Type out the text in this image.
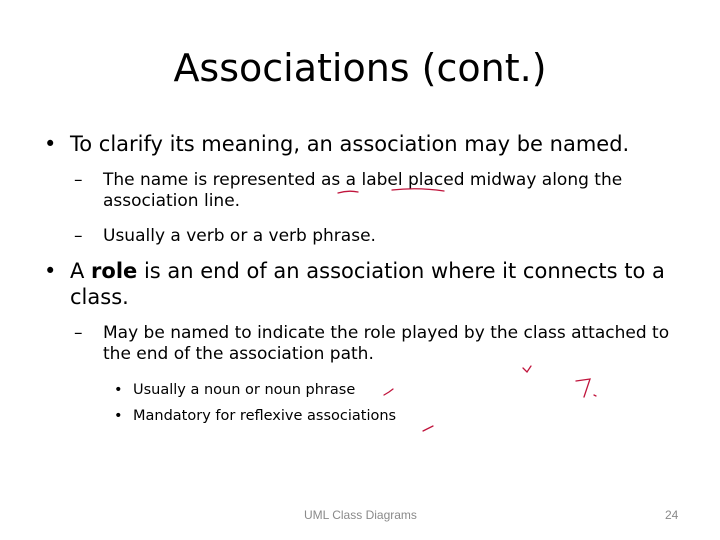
Associations (cont.)
• To clarify its meaning, an association may be named.
–	The name is represented as a label placed midway along the association line.
–	Usually a verb or a verb phrase.
• A role is an end of an association where it connects to a class.
–	May be named to indicate the role played by the class attached to the end of the association path.
• Usually a noun or noun phrase
• Mandatory for reflexive associations
UML Class Diagrams	24
